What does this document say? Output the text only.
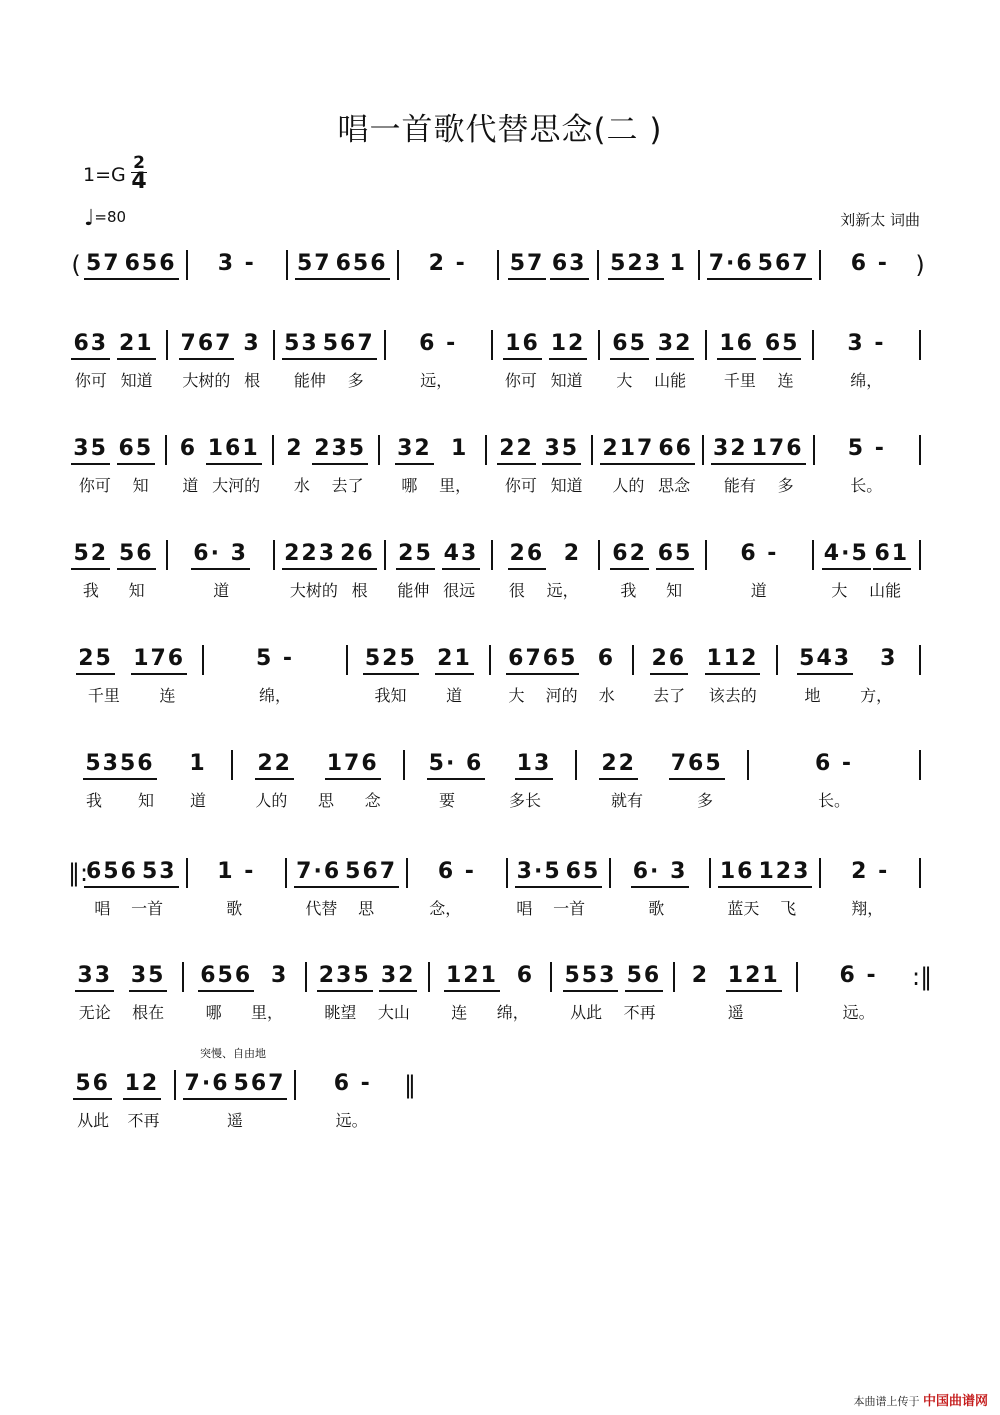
唱一首歌代替思念(二 )
1=G
2
4
♩=80	刘新太 词曲
突慢、自由地
( 57 656 3 - 57 656 2 - 57 63 523 1 7·6 567 6 - )
63 21 767 3 53 567 6 - 16 12 65 32 16 65 3 -
你可 知道 大树的 根 能伸 多	远，	你可 知道 大 山能 千里 连	绵，
35 65 6 161 2 235 32 1 22 35 217 66 32 176 5 -
你可 知 道 大河的 水 去了 哪 里， 你可 知道 人的 思念 能有 多	长。
52 56 6· 3 223 26 25 43 26 2 62 65 6 - 4·5 61
我 知	道	大树的 根 能伸 很远 很 远，	我 知	道	大 山能
25 176	5 -	525 21 6765 6 26 112 543 3
千里 连	绵，	我知 道	大 河的 水 去了 该去的	地 方，
5356 1 22 176 5· 6 13 22 765	6 -
我 知 道	人的 思 念	要	多长	就有	多	长。
‖:
656 53 1 - 7·6 567 6 - 3·5 65 6· 3 16 123 2 -
唱 一首	歌	代替 思	念，	唱 一首	歌	蓝天 飞	翔，
33 35 656 3 235 32 121 6 553 56 2 121	6 - :‖
无论 根在	哪 里，	眺望 大山	连 绵，	从此 不再	遥	远。
56 12 7·6 567 6 - ‖
从此 不再	遥	远。
本曲谱上传于 中国曲谱网
